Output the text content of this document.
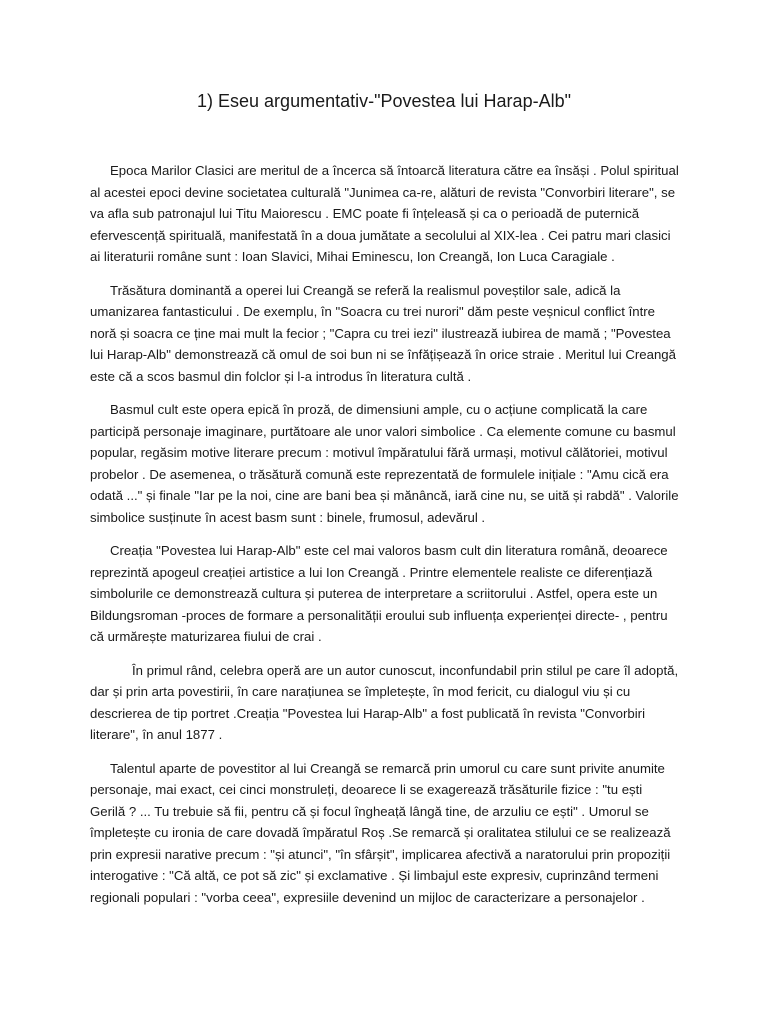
1) Eseu argumentativ-"Povestea lui Harap-Alb"

Epoca Marilor Clasici are meritul de a încerca să întoarcă literatura către ea însăși . Polul spiritual al acestei epoci devine societatea culturală "Junimea ca-re, alături de revista "Convorbiri literare", se va afla sub patronajul lui Titu Maiorescu . EMC poate fi înțeleasă și ca o perioadă de puternică efervescență spirituală, manifestată în a doua jumătate a secolului al XIX-lea . Cei patru mari clasici ai literaturii române sunt : Ioan Slavici, Mihai Eminescu, Ion Creangă, Ion Luca Caragiale .

Trăsătura dominantă a operei lui Creangă se referă la realismul poveștilor sale, adică la umanizarea fantasticului . De exemplu, în "Soacra cu trei nurori" dăm peste veșnicul conflict între noră și soacra ce ține mai mult la fecior ; "Capra cu trei iezi" ilustrează iubirea de mamă ; "Povestea lui Harap-Alb" demonstrează că omul de soi bun ni se înfățișează în orice straie . Meritul lui Creangă este că a scos basmul din folclor și l-a introdus în literatura cultă .

Basmul cult este opera epică în proză, de dimensiuni ample, cu o acțiune complicată la care participă personaje imaginare, purtătoare ale unor valori simbolice . Ca elemente comune cu basmul popular, regăsim motive literare precum : motivul împăratului fără urmași, motivul călătoriei, motivul probelor . De asemenea, o trăsătură comună este reprezentată de formulele inițiale : "Amu cică era odată ..." și finale "Iar pe la noi, cine are bani bea și mănâncă, iară cine nu, se uită și rabdă" . Valorile simbolice susținute în acest basm sunt : binele, frumosul, adevărul .

Creația "Povestea lui Harap-Alb" este cel mai valoros basm cult din literatura română, deoarece reprezintă apogeul creației artistice a lui Ion Creangă . Printre elementele realiste ce diferențiază simbolurile ce demonstrează cultura și puterea de interpretare a scriitorului . Astfel, opera este un Bildungsroman -proces de formare a personalității eroului sub influența experienței directe- , pentru că urmărește maturizarea fiului de crai .

În primul rând, celebra operă are un autor cunoscut, inconfundabil prin stilul pe care îl adoptă, dar și prin arta povestirii, în care narațiunea se împletește, în mod fericit, cu dialogul viu și cu descrierea de tip portret .Creația "Povestea lui Harap-Alb" a fost publicată în revista "Convorbiri literare", în anul 1877 .

Talentul aparte de povestitor al lui Creangă se remarcă prin umorul cu care sunt privite anumite personaje, mai exact, cei cinci monstruleți, deoarece li se exagerează trăsăturile fizice : "tu ești Gerilă ? ... Tu trebuie să fii, pentru că și focul îngheață lângă tine, de arzuliu ce ești" . Umorul se împletește cu ironia de care dovadă împăratul Roș .Se remarcă și oralitatea stilului ce se realizează prin expresii narative precum : "și atunci", "în sfârșit", implicarea afectivă a naratorului prin propoziții interogative : "Că altă, ce pot să zic" și exclamative . Și limbajul este expresiv, cuprinzând termeni regionali populari : "vorba ceea", expresiile devenind un mijloc de caracterizare a personajelor .
